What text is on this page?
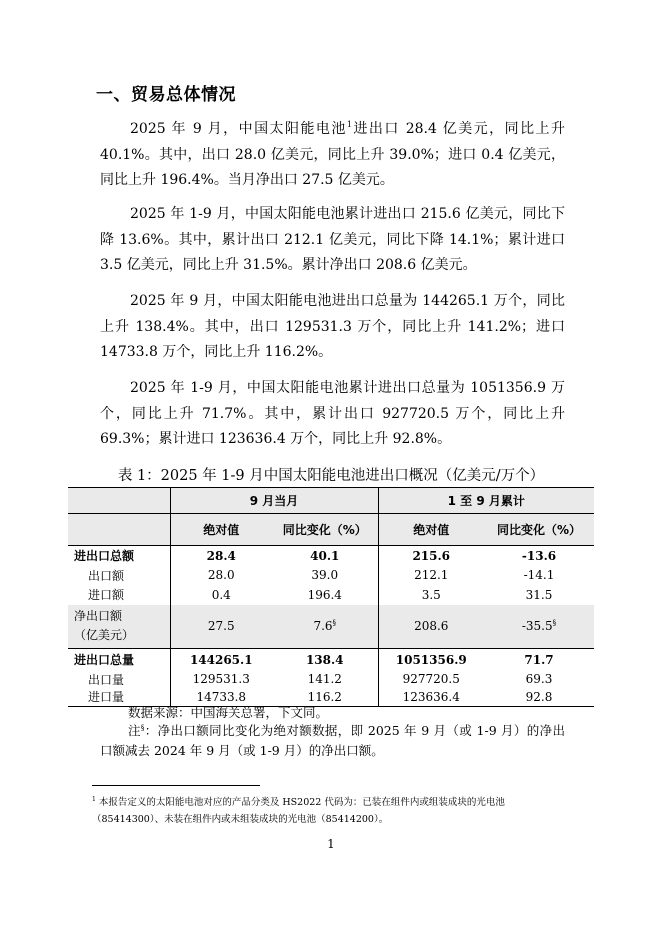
一、贸易总体情况
2025 年 9 月，中国太阳能电池$^1$进出口 28.4 亿美元，同比上升 40.1%。其中，出口 28.0 亿美元，同比上升 39.0%；进口 0.4 亿美元，同比上升 196.4%。当月净出口 27.5 亿美元。
2025 年 1-9 月，中国太阳能电池累计进出口 215.6 亿美元，同比下降 13.6%。其中，累计出口 212.1 亿美元，同比下降 14.1%；累计进口 3.5 亿美元，同比上升 31.5%。累计净出口 208.6 亿美元。
2025 年 9 月，中国太阳能电池进出口总量为 144265.1 万个，同比上升 138.4%。其中，出口 129531.3 万个，同比上升 141.2%；进口 14733.8 万个，同比上升 116.2%。
2025 年 1-9 月，中国太阳能电池累计进出口总量为 1051356.9 万个，同比上升 71.7%。其中，累计出口 927720.5 万个，同比上升 69.3%；累计进口 123636.4 万个，同比上升 92.8%。
表 1：2025 年 1-9 月中国太阳能电池进出口概况（亿美元/万个）
	9 月当月		1 至 9 月累计	
	绝对值	同比变化（%）	绝对值	同比变化（%）
进出口总额	28.4	40.1	215.6	-13.6
出口额	28.0	39.0	212.1	-14.1
进口额	0.4	196.4	3.5	31.5
净出口额
（亿美元）	27.5	7.6§	208.6	-35.5§
进出口总量	144265.1	138.4	1051356.9	71.7
出口量	129531.3	141.2	927720.5	69.3
进口量	14733.8	116.2	123636.4	92.8
数据来源：中国海关总署，下文同。
注§：净出口额同比变化为绝对额数据，即 2025 年 9 月（或 1-9 月）的净出口额减去 2024 年 9 月（或 1-9 月）的净出口额。
$^1$ 本报告定义的太阳能电池对应的产品分类及 HS2022 代码为：已装在组件内或组装成块的光电池（85414300）、未装在组件内或未组装成块的光电池（85414200）。
1
